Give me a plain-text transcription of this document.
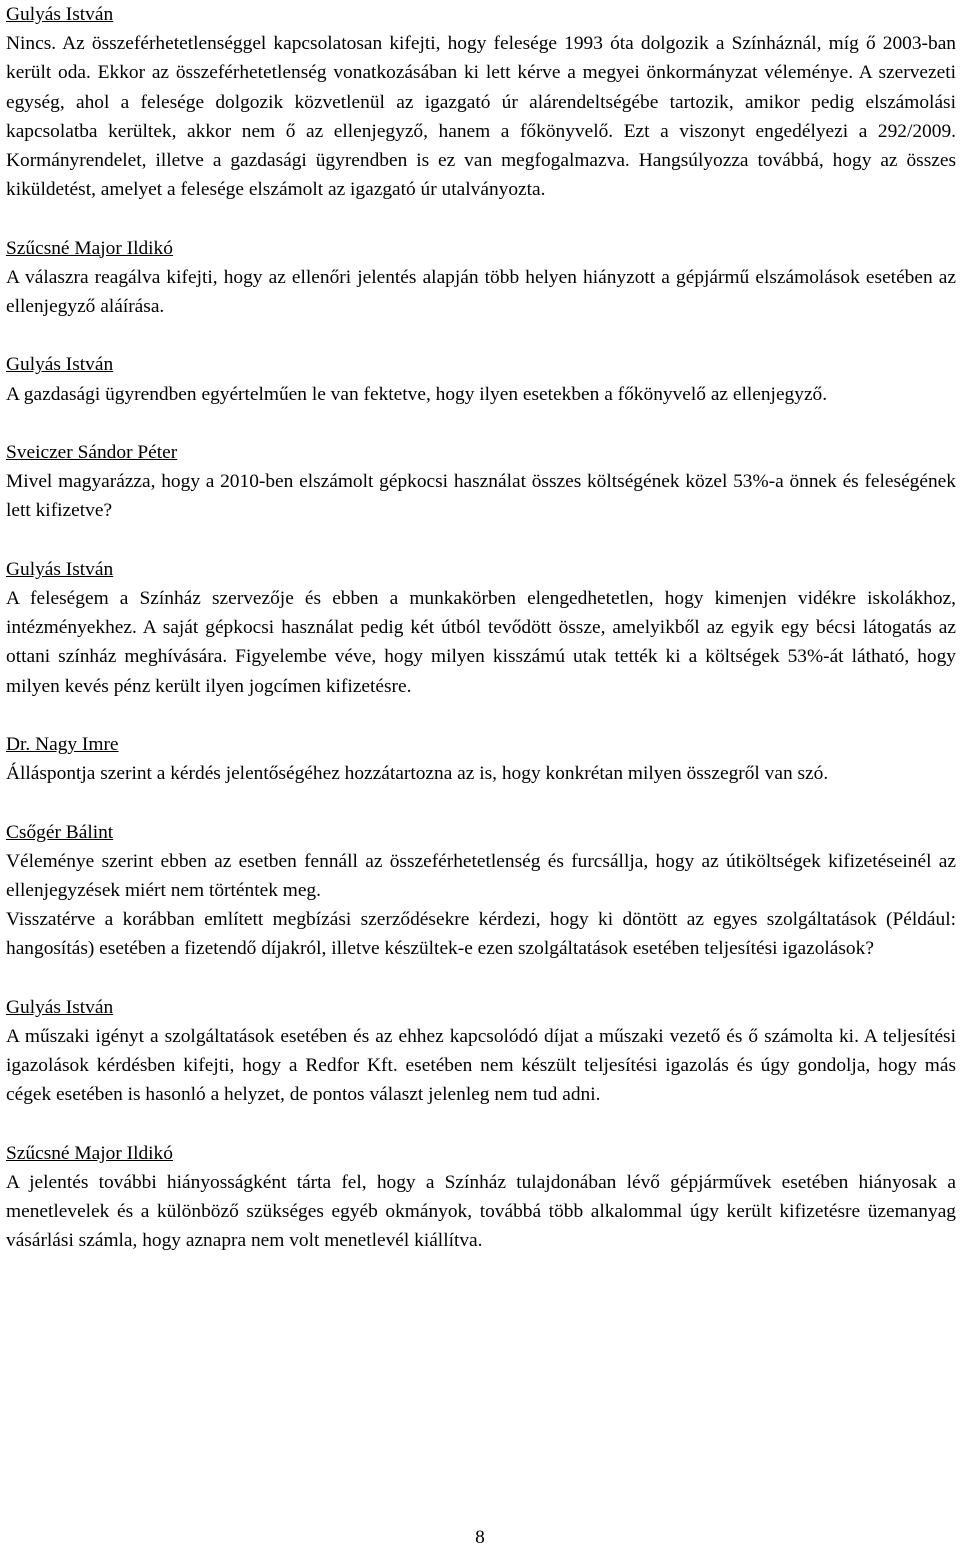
Gulyás István

Nincs. Az összeférhetetlenséggel kapcsolatosan kifejti, hogy felesége 1993 óta dolgozik a Színháznál, míg ő 2003-ban került oda. Ekkor az összeférhetetlenség vonatkozásában ki lett kérve a megyei önkormányzat véleménye. A szervezeti egység, ahol a felesége dolgozik közvetlenül az igazgató úr alárendeltségébe tartozik, amikor pedig elszámolási kapcsolatba kerültek, akkor nem ő az ellenjegyző, hanem a főkönyvelő. Ezt a viszonyt engedélyezi a 292/2009. Kormányrendelet, illetve a gazdasági ügyrendben is ez van megfogalmazva. Hangsúlyozza továbbá, hogy az összes kiküldetést, amelyet a felesége elszámolt az igazgató úr utalványozta.

Szűcsné Major Ildikó

A válaszra reagálva kifejti, hogy az ellenőri jelentés alapján több helyen hiányzott a gépjármű elszámolások esetében az ellenjegyző aláírása.

Gulyás István

A gazdasági ügyrendben egyértelműen le van fektetve, hogy ilyen esetekben a főkönyvelő az ellenjegyző.

Sveiczer Sándor Péter

Mivel magyarázza, hogy a 2010-ben elszámolt gépkocsi használat összes költségének közel 53%-a önnek és feleségének lett kifizetve?

Gulyás István

A feleségem a Színház szervezője és ebben a munkakörben elengedhetetlen, hogy kimenjen vidékre iskolákhoz, intézményekhez. A saját gépkocsi használat pedig két útból tevődött össze, amelyikből az egyik egy bécsi látogatás az ottani színház meghívására. Figyelembe véve, hogy milyen kisszámú utak tették ki a költségek 53%-át látható, hogy milyen kevés pénz került ilyen jogcímen kifizetésre.

Dr. Nagy Imre

Álláspontja szerint a kérdés jelentőségéhez hozzátartozna az is, hogy konkrétan milyen összegről van szó.

Csőgér Bálint

Véleménye szerint ebben az esetben fennáll az összeférhetetlenség és furcsállja, hogy az útiköltségek kifizetéseinél az ellenjegyzések miért nem történtek meg.

Visszatérve a korábban említett megbízási szerződésekre kérdezi, hogy ki döntött az egyes szolgáltatások (Például: hangosítás) esetében a fizetendő díjakról, illetve készültek-e ezen szolgáltatások esetében teljesítési igazolások?

Gulyás István

A műszaki igényt a szolgáltatások esetében és az ehhez kapcsolódó díjat a műszaki vezető és ő számolta ki. A teljesítési igazolások kérdésben kifejti, hogy a Redfor Kft. esetében nem készült teljesítési igazolás és úgy gondolja, hogy más cégek esetében is hasonló a helyzet, de pontos választ jelenleg nem tud adni.

Szűcsné Major Ildikó

A jelentés további hiányosságként tárta fel, hogy a Színház tulajdonában lévő gépjárművek esetében hiányosak a menetlevelek és a különböző szükséges egyéb okmányok, továbbá több alkalommal úgy került kifizetésre üzemanyag vásárlási számla, hogy aznapra nem volt menetlevél kiállítva.

8
